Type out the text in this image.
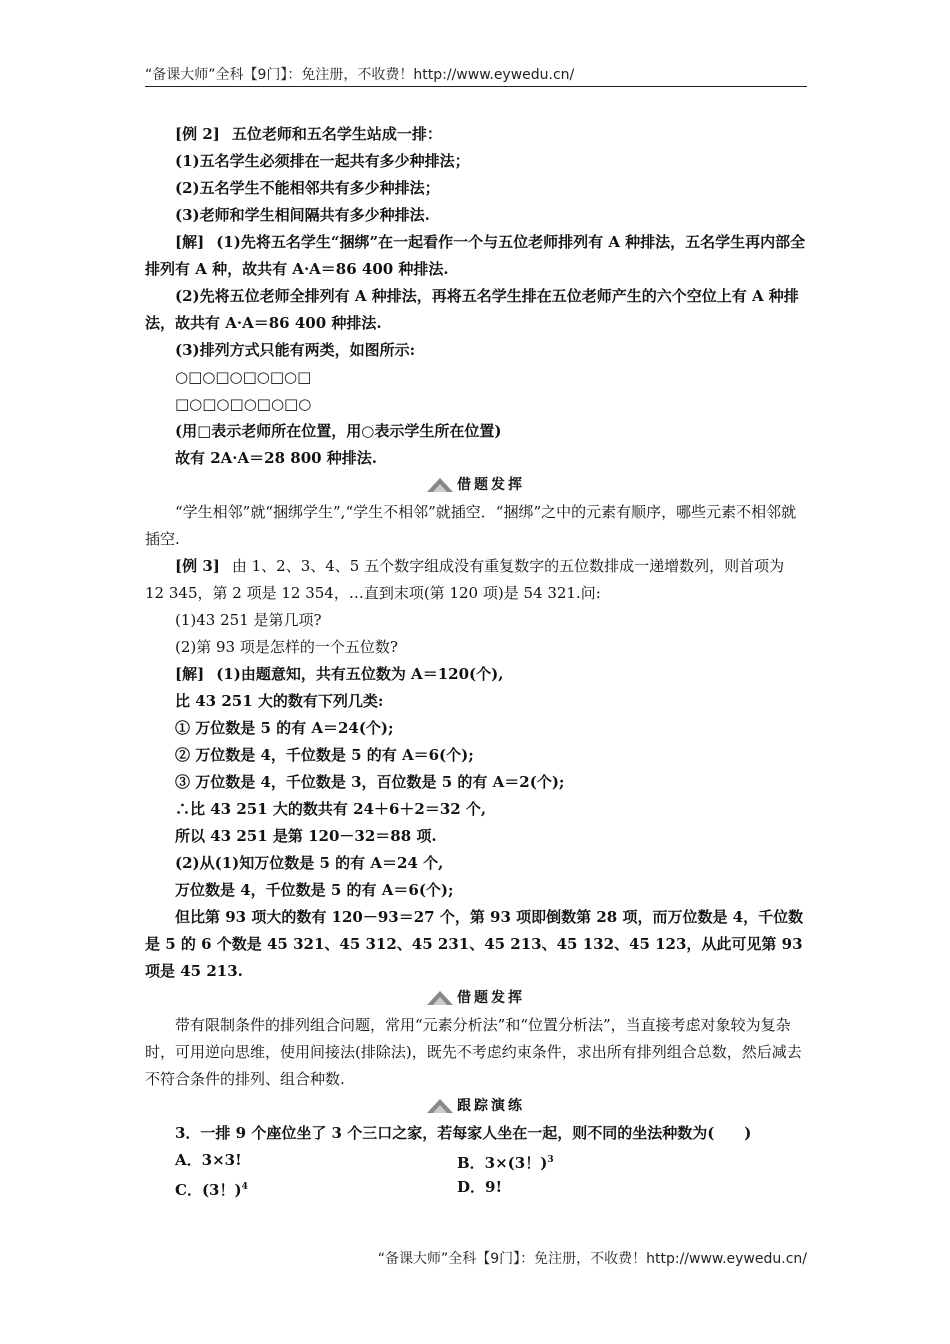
“备课大师”全科【9门】：免注册，不收费！http://www.eywedu.cn/
[例 2] 五位老师和五名学生站成一排：
(1)五名学生必须排在一起共有多少种排法；
(2)五名学生不能相邻共有多少种排法；
(3)老师和学生相间隔共有多少种排法.
[解] (1)先将五名学生“捆绑”在一起看作一个与五位老师排列有 A 种排法，五名学生再内部全排列有 A 种，故共有 A·A＝86 400 种排法.
(2)先将五位老师全排列有 A 种排法，再将五名学生排在五位老师产生的六个空位上有 A 种排法，故共有 A·A＝86 400 种排法.
(3)排列方式只能有两类，如图所示:
○□○□○□○□○□
□○□○□○□○□○
(用□表示老师所在位置，用○表示学生所在位置)
故有 2A·A＝28 800 种排法.
借题发挥
“学生相邻”就“捆绑学生”,“学生不相邻”就插空．“捆绑”之中的元素有顺序，哪些元素不相邻就插空.
[例 3] 由 1、2、3、4、5 五个数字组成没有重复数字的五位数排成一递增数列，则首项为 12 345，第 2 项是 12 354，…直到末项(第 120 项)是 54 321.问:
(1)43 251 是第几项?
(2)第 93 项是怎样的一个五位数?
[解] (1)由题意知，共有五位数为 A＝120(个),
比 43 251 大的数有下列几类:
① 万位数是 5 的有 A＝24(个);
② 万位数是 4，千位数是 5 的有 A＝6(个);
③ 万位数是 4，千位数是 3，百位数是 5 的有 A＝2(个);
∴比 43 251 大的数共有 24＋6＋2＝32 个,
所以 43 251 是第 120－32＝88 项.
(2)从(1)知万位数是 5 的有 A＝24 个,
万位数是 4，千位数是 5 的有 A＝6(个);
但比第 93 项大的数有 120－93＝27 个，第 93 项即倒数第 28 项，而万位数是 4，千位数是 5 的 6 个数是 45 321、45 312、45 231、45 213、45 132、45 123，从此可见第 93 项是 45 213.
借题发挥
带有限制条件的排列组合问题，常用“元素分析法”和“位置分析法”，当直接考虑对象较为复杂时，可用逆向思维，使用间接法(排除法)，既先不考虑约束条件，求出所有排列组合总数，然后减去不符合条件的排列、组合种数.
跟踪演练
3．一排 9 个座位坐了 3 个三口之家，若每家人坐在一起，则不同的坐法种数为(　　)
A．3×3!	B．3×(3！)$^3$
C．(3！)$^4$	D．9!
“备课大师”全科【9门】：免注册，不收费！http://www.eywedu.cn/
